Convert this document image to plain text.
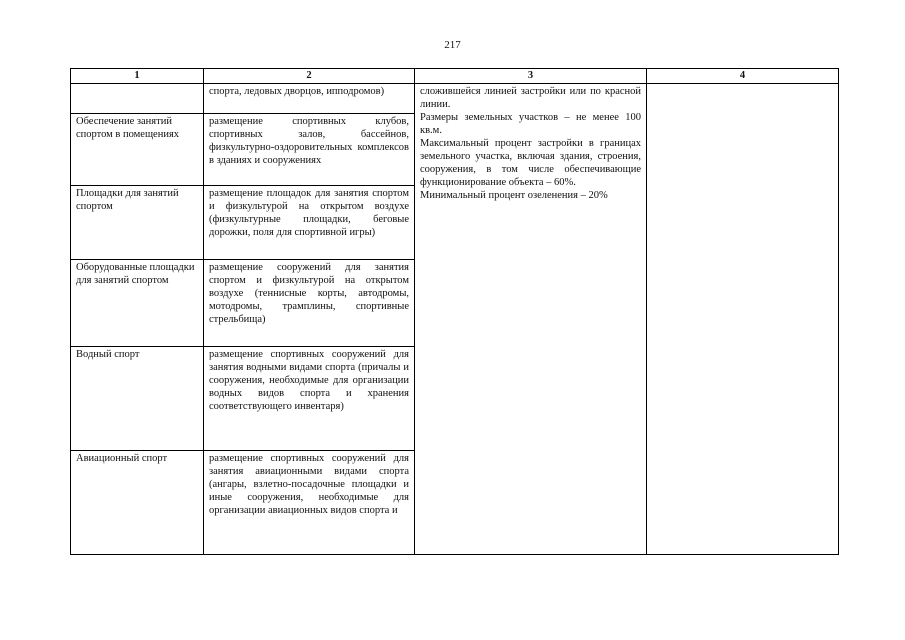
217
1	2	3	4
	спорта, ледовых дворцов, ипподромов)	сложившейся линией застройки или по красной линии.

Размеры земельных участков – не менее 100 кв.м.

Максимальный процент застройки в границах земельного участка, включая здания, строения, сооружения, в том числе обеспечивающие функционирование объекта – 60%.

Минимальный процент озеленения – 20%	

Обеспечение занятий спортом в помещениях	размещение спортивных клубов, спортивных залов, бассейнов, физкультурно-оздоровительных комплексов в зданиях и сооружениях		
Площадки для занятий спортом	размещение площадок для занятия спортом и физкультурой на открытом воздухе (физкультурные площадки, беговые дорожки, поля для спортивной игры)		
Оборудованные площадки для занятий спортом	размещение сооружений для занятия спортом и физкультурой на открытом воздухе (теннисные корты, автодромы, мотодромы, трамплины, спортивные стрельбища)		
Водный спорт	размещение спортивных сооружений для занятия водными видами спорта (причалы и сооружения, необходимые для организации водных видов спорта и хранения соответствующего инвентаря)		
Авиационный спорт	размещение спортивных сооружений для занятия авиационными видами спорта (ангары, взлетно-посадочные площадки и иные сооружения, необходимые для организации авиационных видов спорта и		
